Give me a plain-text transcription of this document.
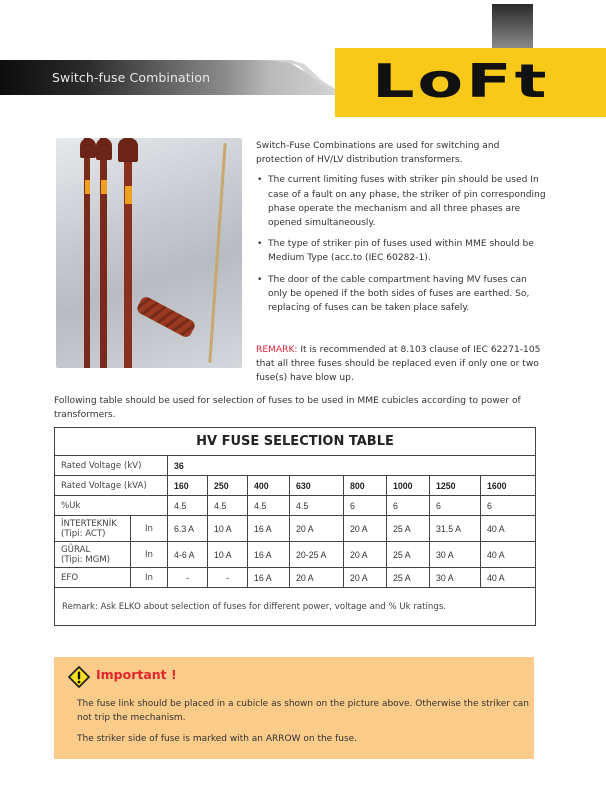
Switch-fuse Combination	LoFt

Switch-Fuse Combinations are used for switching and protection of HV/LV distribution transformers.

• The current limiting fuses with striker pin should be used In case of a fault on any phase, the striker of pin corresponding phase operate the mechanism and all three phases are opened simultaneously.
• The type of striker pin of fuses used within MME should be Medium Type (acc.to (IEC 60282-1).
• The door of the cable compartment having MV fuses can only be opened if the both sides of fuses are earthed. So, replacing of fuses can be taken place safely.
REMARK: It is recommended at 8.103 clause of IEC 62271-105 that all three fuses should be replaced even if only one or two fuse(s) have blow up.
Following table should be used for selection of fuses to be used in MME cubicles according to power of transformers.
HV FUSE SELECTION TABLE									
Rated Voltage (kV)		36							
Rated Voltage (kVA)		160	250	400	630	800	1000	1250	1600
%Uk		4.5	4.5	4.5	4.5	6	6	6	6

İNTERTEKNİK
(Tipi: ACT)	In	6.3 A	10 A	16 A	20 A	20 A	25 A	31.5 A	40 A

GÜRAL
(Tipi: MGM)	In	4-6 A	10 A	16 A	20-25 A	20 A	25 A	30 A	40 A
EFO	In	-	-	16 A	20 A	20 A	25 A	30 A	40 A
Remark: Ask ELKO about selection of fuses for different power, voltage and % Uk ratings.									
Important !

The fuse link should be placed in a cubicle as shown on the picture above. Otherwise the striker can not trip the mechanism.

The striker side of fuse is marked with an ARROW on the fuse.
